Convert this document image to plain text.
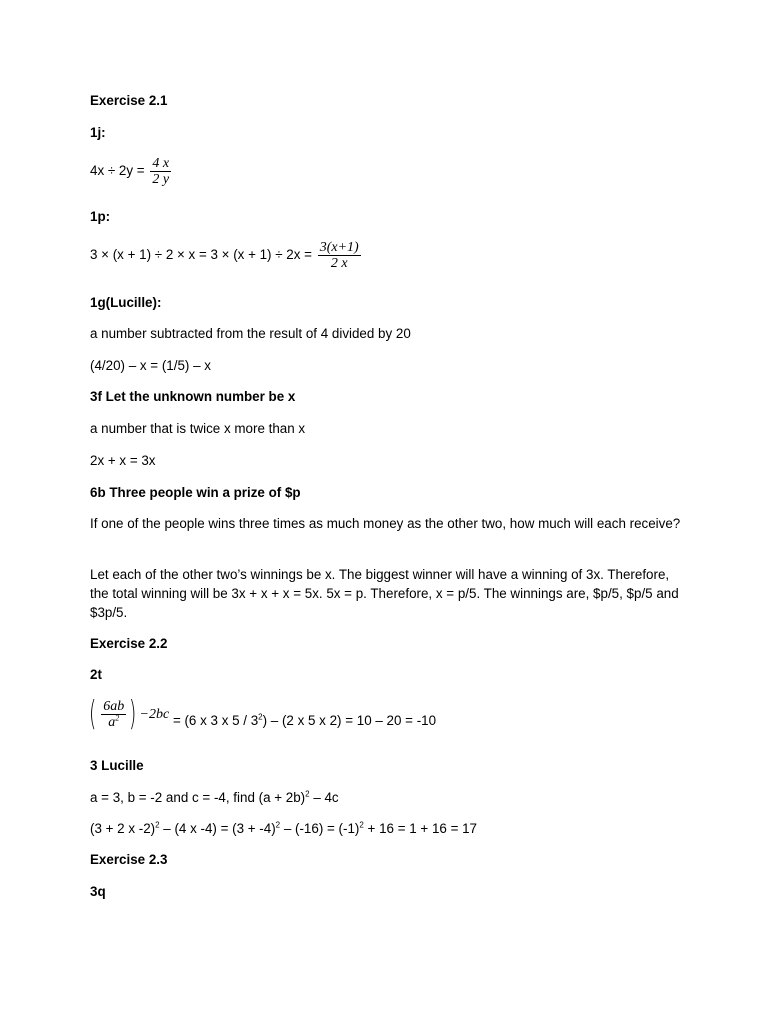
Exercise 2.1

1j:

$4x \div 2y = \frac{4 x}{2 y}$

1p:

$3 \times (x + 1) \div 2 \times x = 3 \times (x + 1) \div 2x = \frac{3(x+1)}{2 x}$

1g(Lucille):

a number subtracted from the result of 4 divided by 20

(4/20) – x = (1/5) – x

3f Let the unknown number be x

a number that is twice x more than x

2x + x = 3x

6b Three people win a prize of $p

If one of the people wins three times as much money as the other two, how much will each receive?

Let each of the other two’s winnings be x. The biggest winner will have a winning of 3x. Therefore, the total winning will be 3x + x + x = 5x. 5x = p. Therefore, x = p/5. The winnings are, $p/5, $p/5 and $3p/5.

Exercise 2.2

2t

( $\frac{6ab}{a^2}$ ) −2bc = (6 x 3 x $5 / 3^2) - (2$ x 5 x 2) = 10 – 20 = -10

3 Lucille

a = 3, b = -2 and c = -4, find $(a + 2b)^2 - 4c$

(3 + 2 x -2)$^2$ – (4 x $-4) = (3 + -4)^2 - (-16) = (-1)^2 + 16 = 1 + 16 = 17$

Exercise 2.3

3q
